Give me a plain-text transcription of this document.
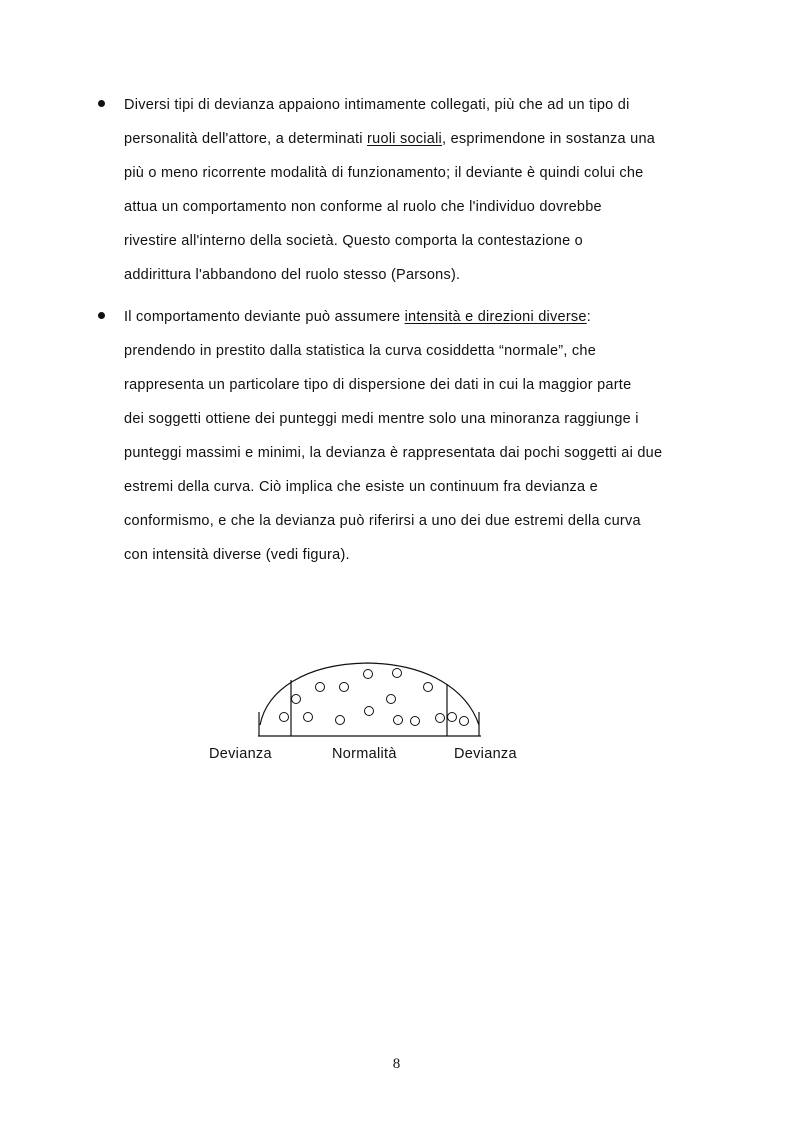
Diversi tipi di devianza appaiono intimamente collegati, più che ad un tipo di
personalità dell'attore, a determinati ruoli sociali, esprimendone in sostanza una
più o meno ricorrente modalità di funzionamento; il deviante è quindi colui che
attua un comportamento non conforme al ruolo che l'individuo dovrebbe
rivestire all'interno della società. Questo comporta la contestazione o
addirittura l'abbandono del ruolo stesso (Parsons).
Il comportamento deviante può assumere intensità e direzioni diverse:
prendendo in prestito dalla statistica la curva cosiddetta “normale”, che
rappresenta un particolare tipo di dispersione dei dati in cui la maggior parte
dei soggetti ottiene dei punteggi medi mentre solo una minoranza raggiunge i
punteggi massimi e minimi, la devianza è rappresentata dai pochi soggetti ai due
estremi della curva. Ciò implica che esiste un continuum fra devianza e
conformismo, e che la devianza può riferirsi a uno dei due estremi della curva
con intensità diverse (vedi figura).
Devianza	Normalità	Devianza
8
